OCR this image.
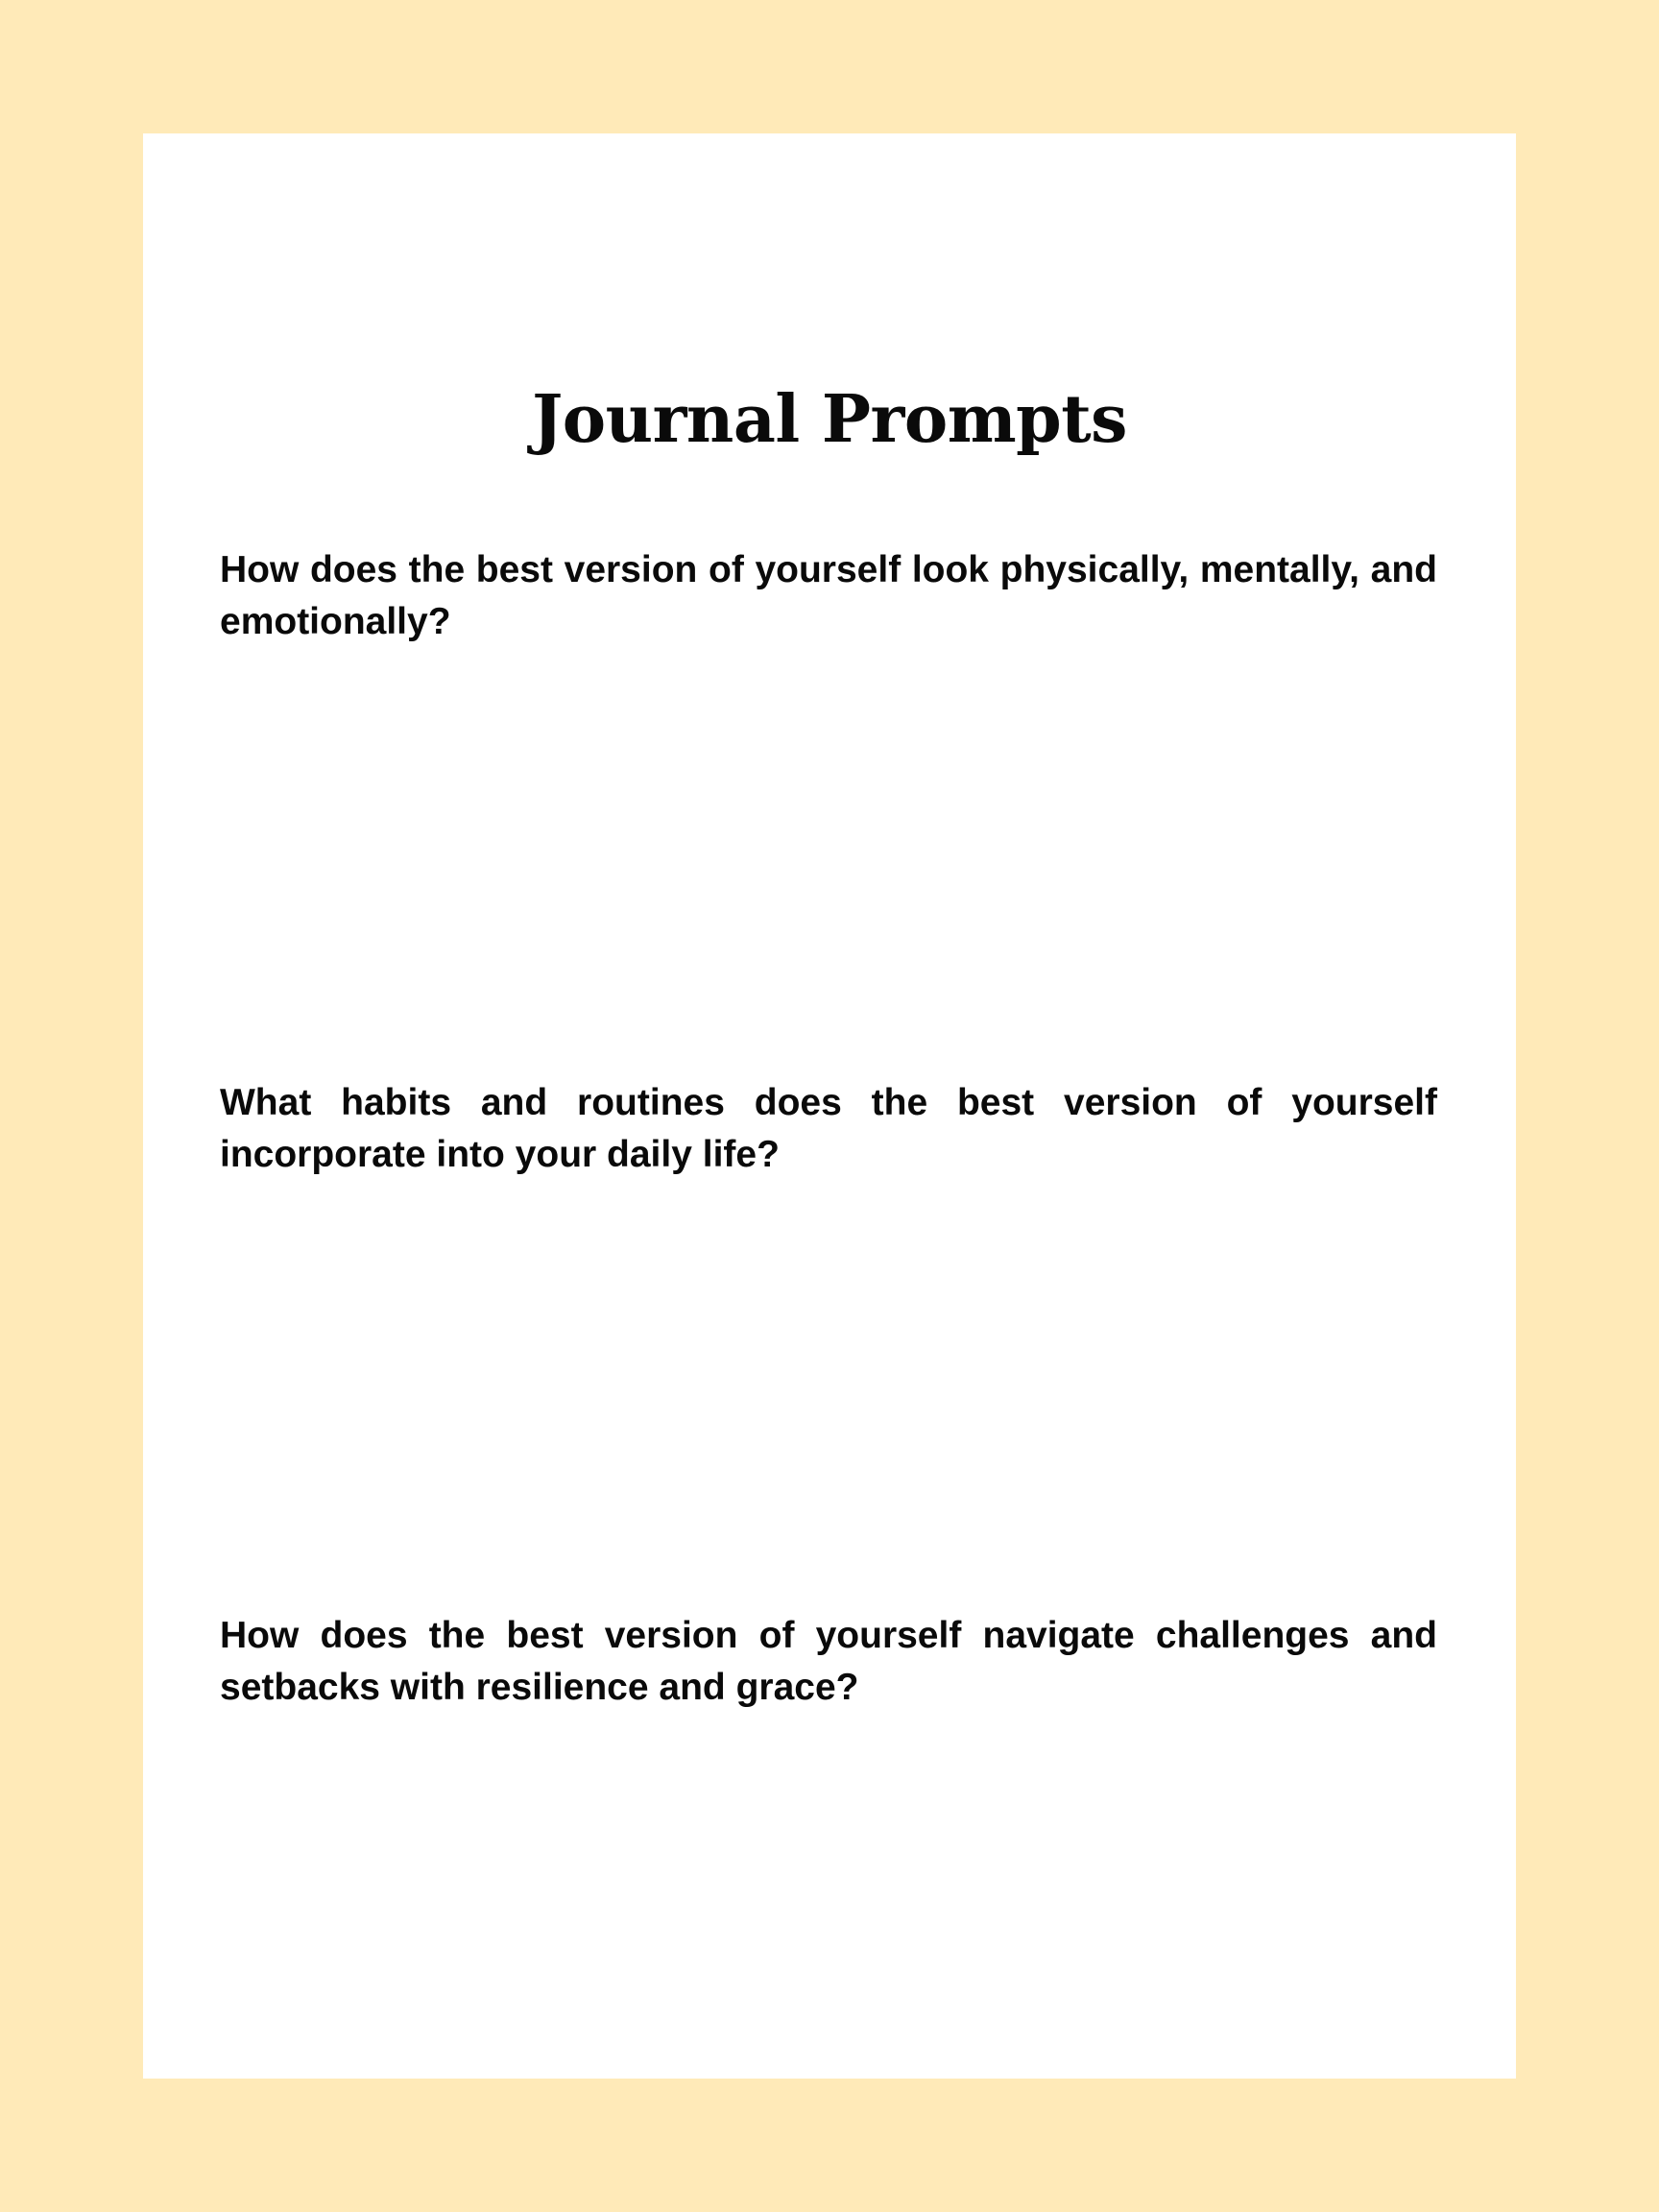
Journal Prompts

How does the best version of yourself look physically, mentally, and emotionally?

What habits and routines does the best version of yourself incorporate into your daily life?

How does the best version of yourself navigate challenges and setbacks with resilience and grace?
